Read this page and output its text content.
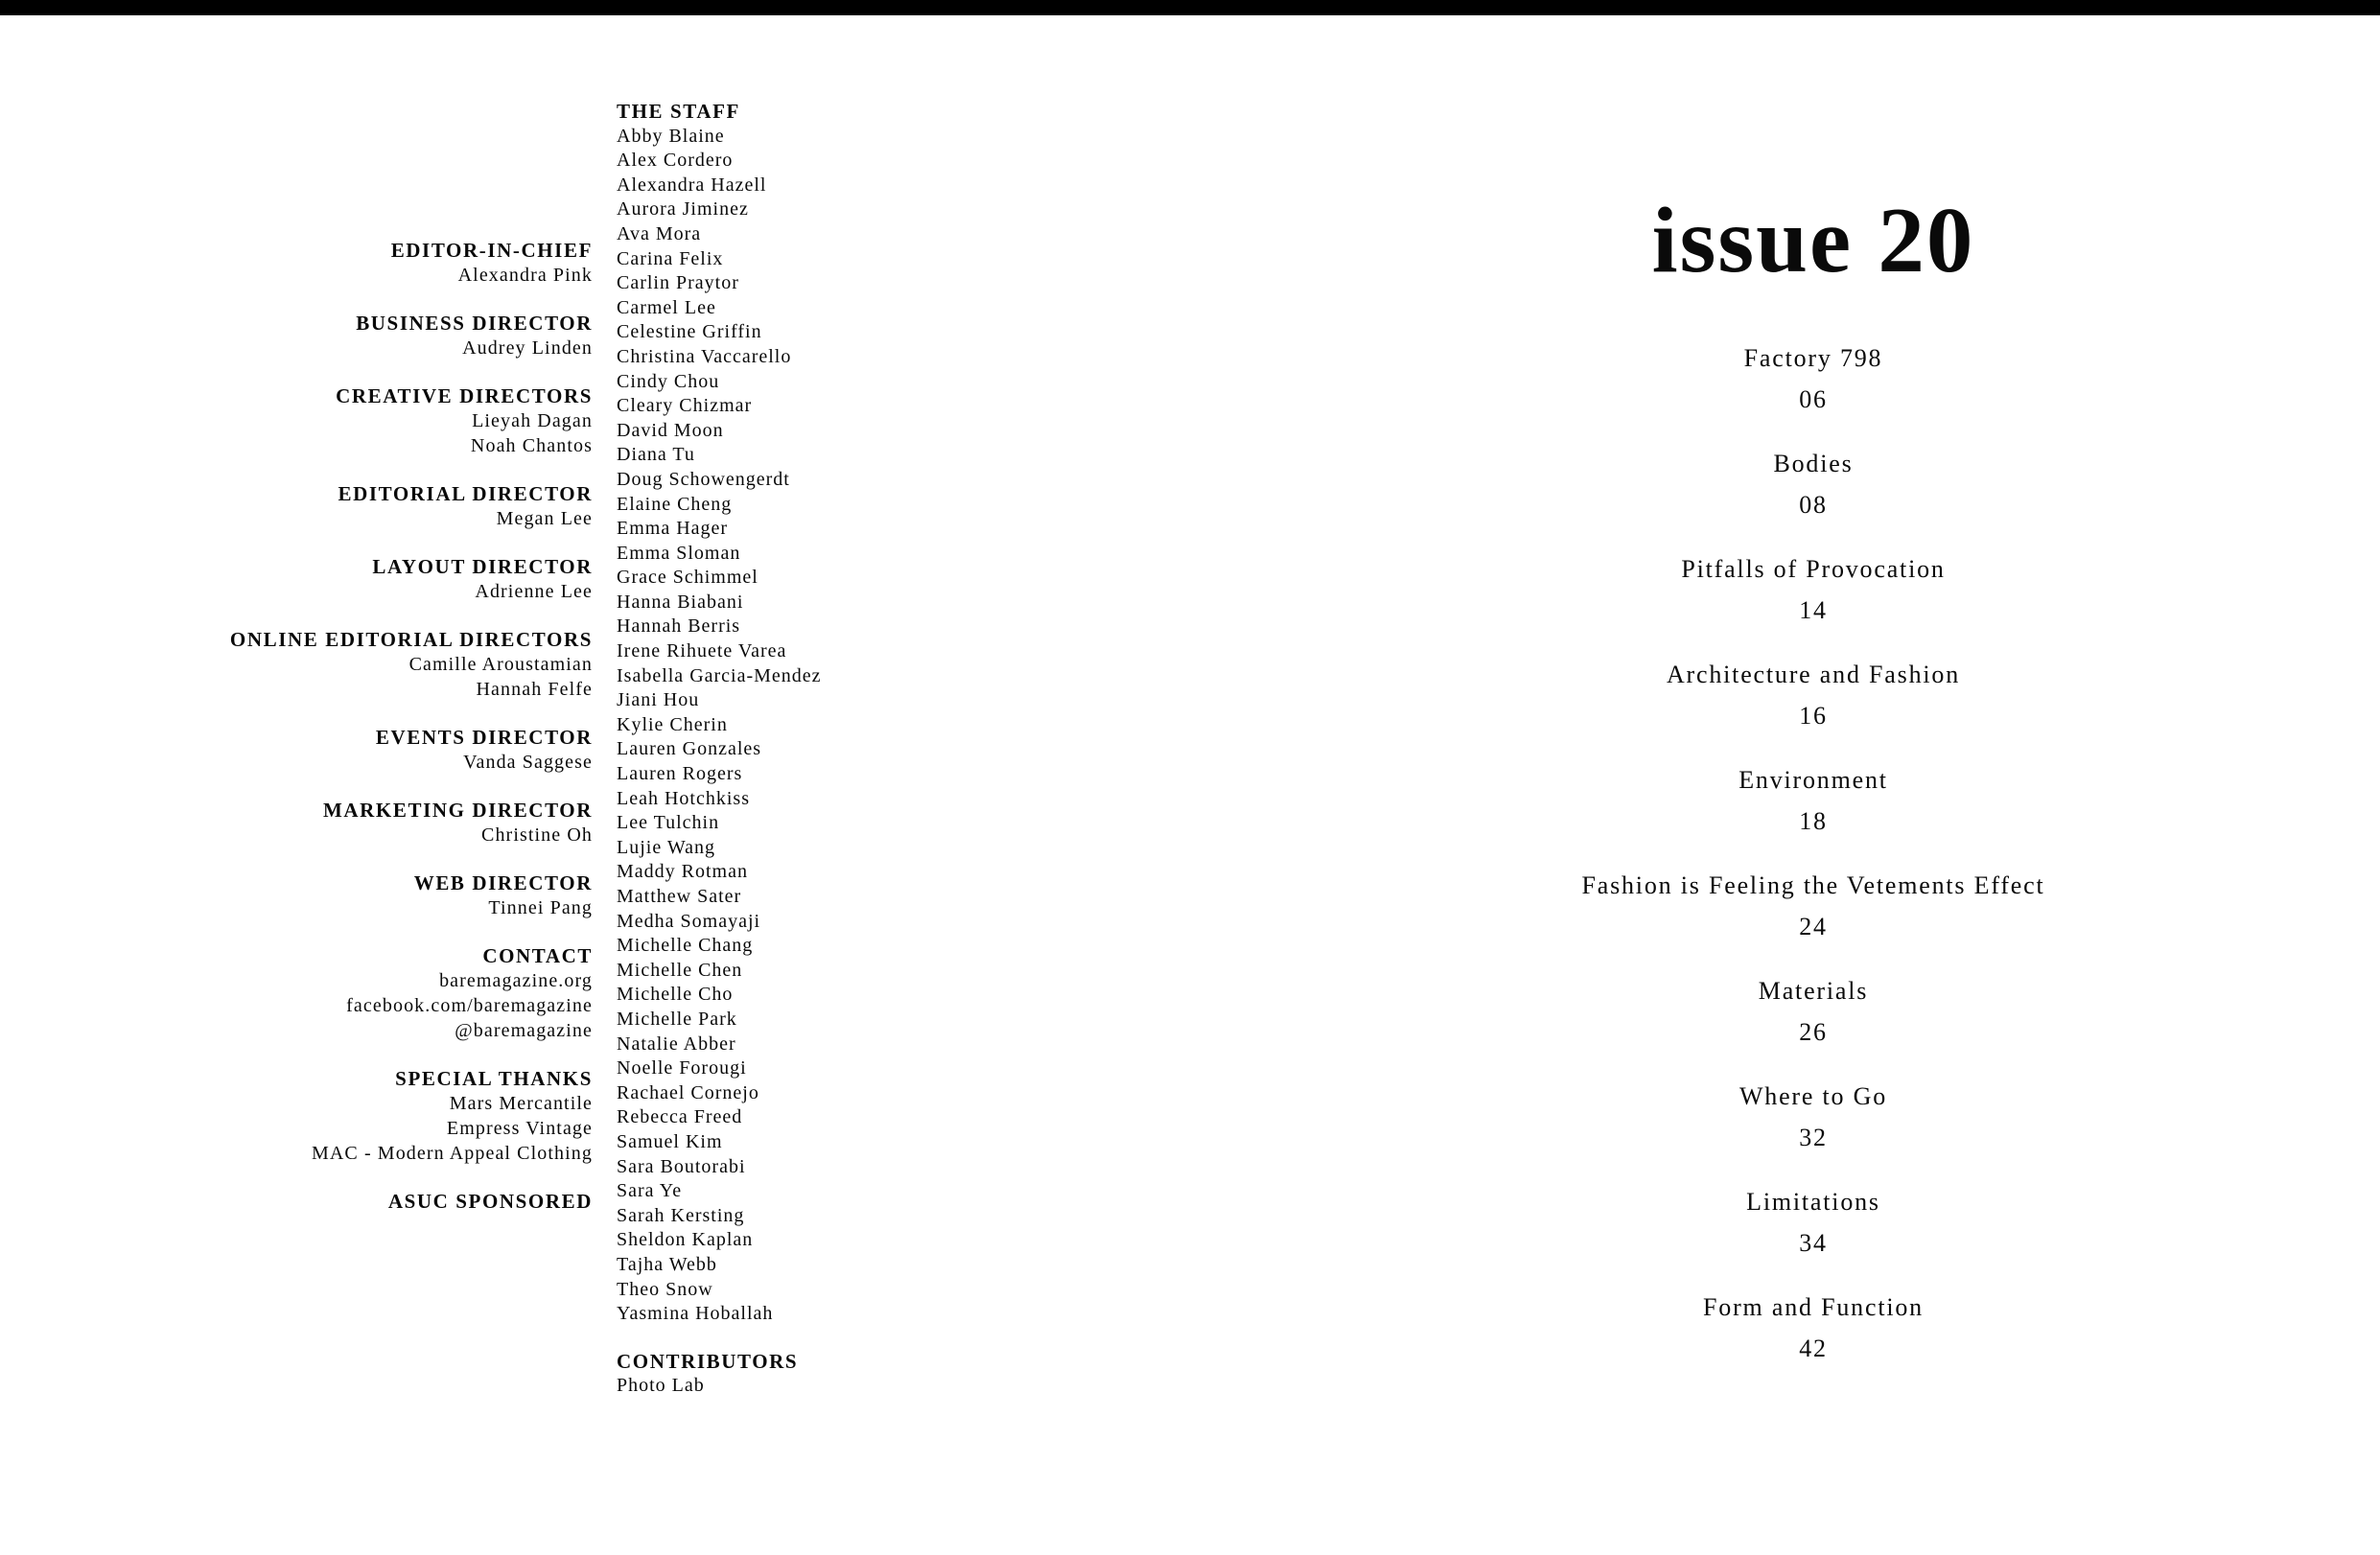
EDITOR-IN-CHIEF
Alexandra Pink
BUSINESS DIRECTOR
Audrey Linden
CREATIVE DIRECTORS
Lieyah Dagan
Noah Chantos
EDITORIAL DIRECTOR
Megan Lee
LAYOUT DIRECTOR
Adrienne Lee
ONLINE EDITORIAL DIRECTORS
Camille Aroustamian
Hannah Felfe
EVENTS DIRECTOR
Vanda Saggese
MARKETING DIRECTOR
Christine Oh
WEB DIRECTOR
Tinnei Pang
CONTACT
baremagazine.org
facebook.com/baremagazine
@baremagazine
SPECIAL THANKS
Mars Mercantile
Empress Vintage
MAC - Modern Appeal Clothing
ASUC SPONSORED
THE STAFF
Abby Blaine
Alex Cordero
Alexandra Hazell
Aurora Jiminez
Ava Mora
Carina Felix
Carlin Praytor
Carmel Lee
Celestine Griffin
Christina Vaccarello
Cindy Chou
Cleary Chizmar
David Moon
Diana Tu
Doug Schowengerdt
Elaine Cheng
Emma Hager
Emma Sloman
Grace Schimmel
Hanna Biabani
Hannah Berris
Irene Rihuete Varea
Isabella Garcia-Mendez
Jiani Hou
Kylie Cherin
Lauren Gonzales
Lauren Rogers
Leah Hotchkiss
Lee Tulchin
Lujie Wang
Maddy Rotman
Matthew Sater
Medha Somayaji
Michelle Chang
Michelle Chen
Michelle Cho
Michelle Park
Natalie Abber
Noelle Forougi
Rachael Cornejo
Rebecca Freed
Samuel Kim
Sara Boutorabi
Sara Ye
Sarah Kersting
Sheldon Kaplan
Tajha Webb
Theo Snow
Yasmina Hoballah
CONTRIBUTORS
Photo Lab
issue 20
Factory 798
06
Bodies
08
Pitfalls of Provocation
14
Architecture and Fashion
16
Environment
18
Fashion is Feeling the Vetements Effect
24
Materials
26
Where to Go
32
Limitations
34
Form and Function
42
